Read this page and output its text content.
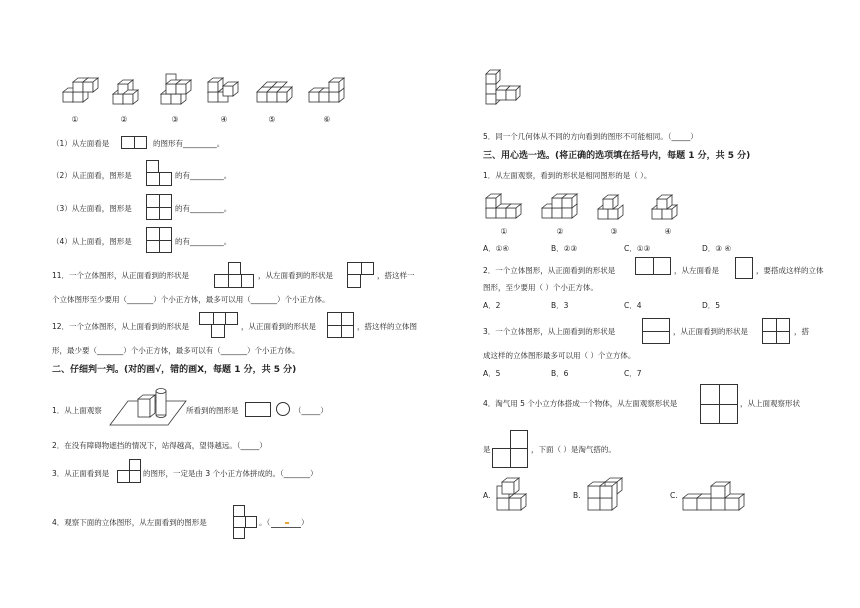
①	②	③	④	⑤	⑥
（1）从左面看是	的图形有_________。
（2）从正面看，图形是	的有_________。
（3）从左面看，图形是	的有_________。
（4）从上面看，图形是	的有_________。
11．一个立体图形，从正面看到的形状是	，从左面看到的形状是	，搭这样一
个立体图形至少要用（_______）个小正方体，最多可以用（_______）个小正方体。
12．一个立体图形，从上面看到的形状是	，从正面看到的形状是	，搭这样的立体图
形，最少要（_______）个小正方体，最多可以有（_______）个小正方体。
二、仔细判一判。(对的画√，错的画X，每题 1 分，共 5 分)
1．从上面观察	所看到的图形是	（_____）
2．在没有障碍物遮挡的情况下，站得越高，望得越远。（_____）
3．从正面看到是	的图形，一定是由 3 个小正方体拼成的。（_______）
4．观察下面的立体图形，从左面看到的图形是	。（	）
5．同一个几何体从不同的方向看到的图形不可能相同。（_____）
三、用心选一选。(将正确的选项填在括号内，每题 1 分，共 5 分)
1．从左面观察，看到的形状是相同图形的是（ ）。
①	②	③	④
A．①④	B．②③	C．①③	D．③ ④
2．一个立体图形，从正面看到的形状是	，从左面看是	，要搭成这样的立体
图形，至少要用（ ）个小正方体。
A．2	B．3	C．4	D．5
3．一个立体图形，从上面看到的形状是	，从正面看到的形状是	，搭
成这样的立体图形最多可以用（ ）个立方体。
A．5	B．6	C．7
4．淘气用 5 个小立方体搭成一个物体，从左面观察形状是	，从上面观察形状
是	，下面（ ）是淘气搭的。
A.	B.	C.
